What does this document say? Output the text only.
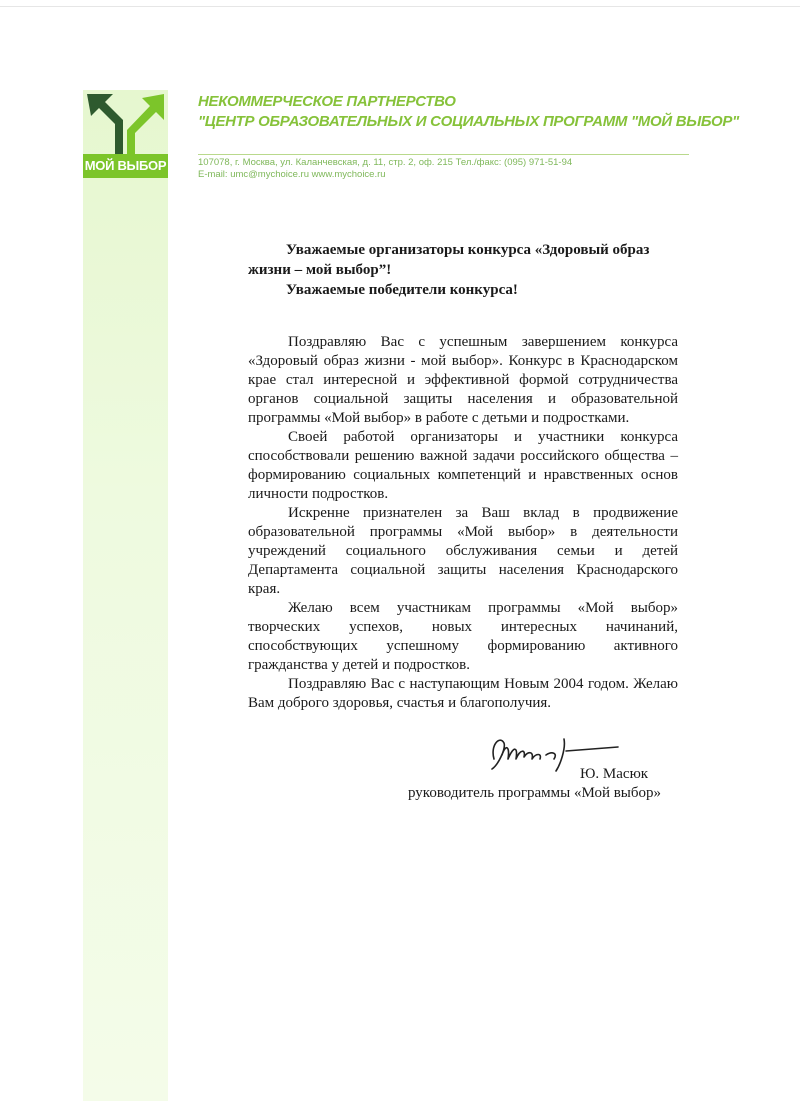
МОЙ ВЫБОР
НЕКОММЕРЧЕСКОЕ ПАРТНЕРСТВО
"ЦЕНТР ОБРАЗОВАТЕЛЬНЫХ И СОЦИАЛЬНЫХ ПРОГРАММ "МОЙ ВЫБОР"
107078, г. Москва, ул. Каланчевская, д. 11, стр. 2, оф. 215 Тел./факс: (095) 971-51-94
E-mail: umc@mychoice.ru www.mychoice.ru
Уважаемые организаторы конкурса «Здоровый образ
жизни – мой выбор”!
Уважаемые победители конкурса!

Поздравляю Вас с успешным завершением конкурса «Здоровый образ жизни - мой выбор». Конкурс в Краснодарском крае стал интересной и эффективной формой сотрудничества органов социальной защиты населения и образовательной программы «Мой выбор» в работе с детьми и подростками.

Своей работой организаторы и участники конкурса способствовали решению важной задачи российского общества – формированию социальных компетенций и нравственных основ личности подростков.

Искренне признателен за Ваш вклад в продвижение образовательной программы «Мой выбор» в деятельности учреждений социального обслуживания семьи и детей Департамента социальной защиты населения Краснодарского края.

Желаю всем участникам программы «Мой выбор» творческих успехов, новых интересных начинаний, способствующих успешному формированию активного гражданства у детей и подростков.

Поздравляю Вас с наступающим Новым 2004 годом. Желаю Вам доброго здоровья, счастья и благополучия.

Ю. Масюк
руководитель программы «Мой выбор»
